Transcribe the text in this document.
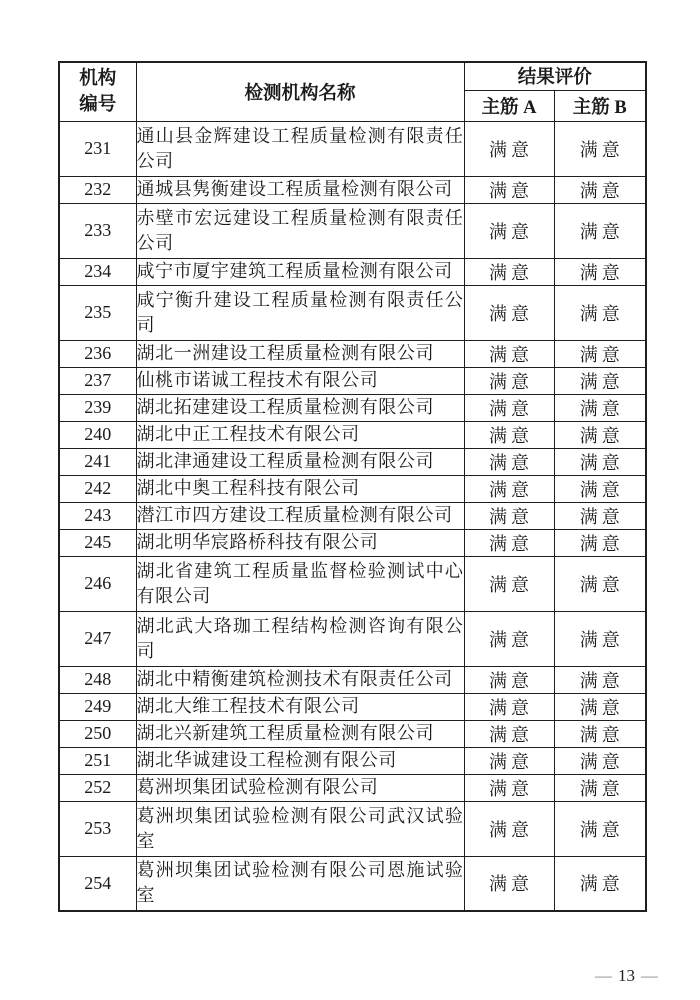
机构
编号	检测机构名称	结果评价	
		主筋 A	主筋 B
231	通山县金辉建设工程质量检测有限责任公司	满意	满意
232	通城县隽衡建设工程质量检测有限公司	满意	满意
233	赤壁市宏远建设工程质量检测有限责任公司	满意	满意
234	咸宁市厦宇建筑工程质量检测有限公司	满意	满意
235	咸宁衡升建设工程质量检测有限责任公司	满意	满意
236	湖北一洲建设工程质量检测有限公司	满意	满意
237	仙桃市诺诚工程技术有限公司	满意	满意
239	湖北拓建建设工程质量检测有限公司	满意	满意
240	湖北中正工程技术有限公司	满意	满意
241	湖北津通建设工程质量检测有限公司	满意	满意
242	湖北中奥工程科技有限公司	满意	满意
243	潜江市四方建设工程质量检测有限公司	满意	满意
245	湖北明华宸路桥科技有限公司	满意	满意
246	湖北省建筑工程质量监督检验测试中心有限公司	满意	满意
247	湖北武大珞珈工程结构检测咨询有限公司	满意	满意
248	湖北中精衡建筑检测技术有限责任公司	满意	满意
249	湖北大维工程技术有限公司	满意	满意
250	湖北兴新建筑工程质量检测有限公司	满意	满意
251	湖北华诚建设工程检测有限公司	满意	满意
252	葛洲坝集团试验检测有限公司	满意	满意
253	葛洲坝集团试验检测有限公司武汉试验室	满意	满意
254	葛洲坝集团试验检测有限公司恩施试验室	满意	满意
— 13 —
